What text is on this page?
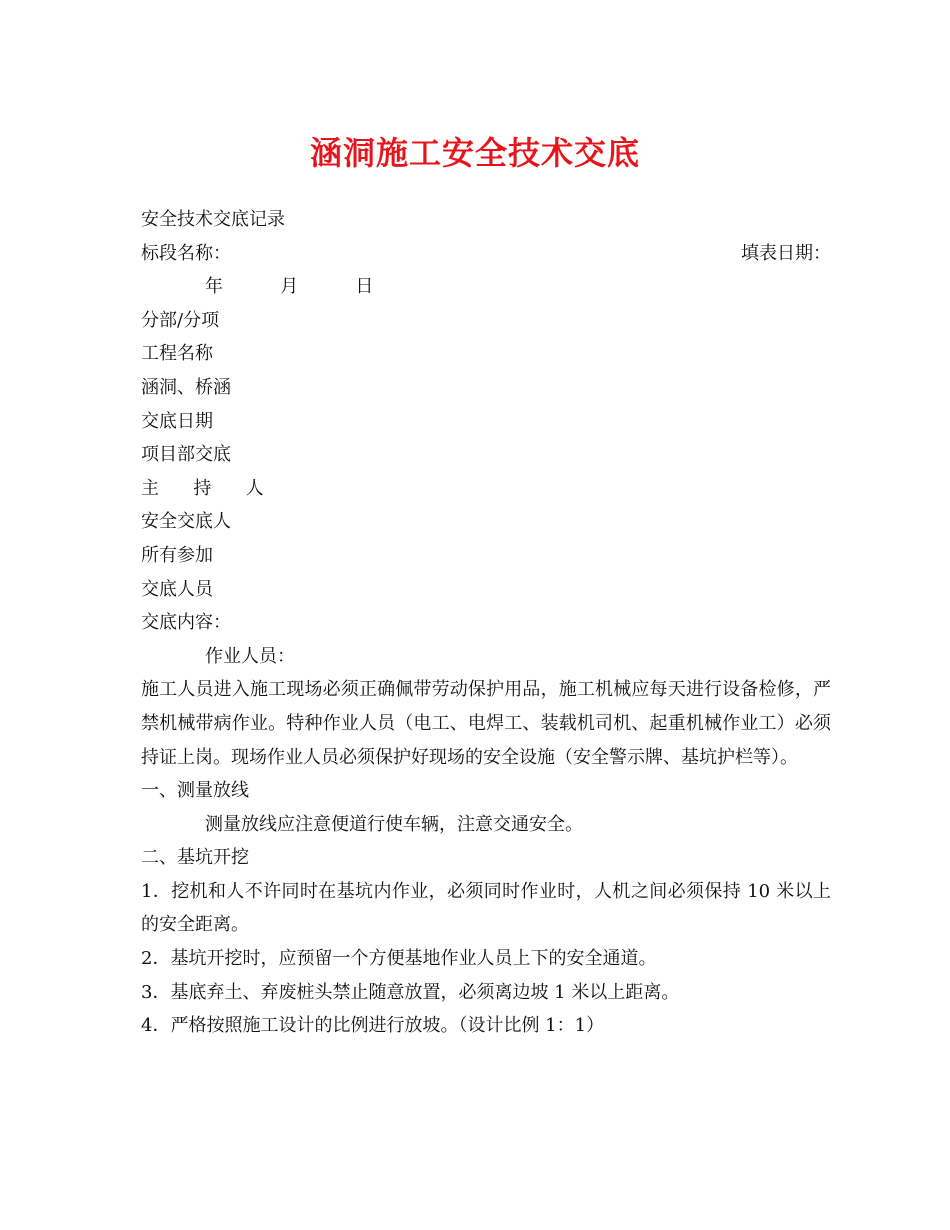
涵洞施工安全技术交底
安全技术交底记录
标段名称：	填表日期：
年          月          日
分部/分项
工程名称
涵洞、桥涵
交底日期
项目部交底
主      持      人
安全交底人
所有参加
交底人员
交底内容：
作业人员：
施工人员进入施工现场必须正确佩带劳动保护用品，施工机械应每天进行设备检修，严禁机械带病作业。特种作业人员（电工、电焊工、装载机司机、起重机械作业工）必须持证上岗。现场作业人员必须保护好现场的安全设施（安全警示牌、基坑护栏等）。
一、测量放线
测量放线应注意便道行使车辆，注意交通安全。
二、基坑开挖
1．挖机和人不许同时在基坑内作业，必须同时作业时，人机之间必须保持 10 米以上的安全距离。
2．基坑开挖时，应预留一个方便基地作业人员上下的安全通道。
3．基底弃土、弃废桩头禁止随意放置，必须离边坡 1 米以上距离。
4．严格按照施工设计的比例进行放坡。（设计比例 1：1）
